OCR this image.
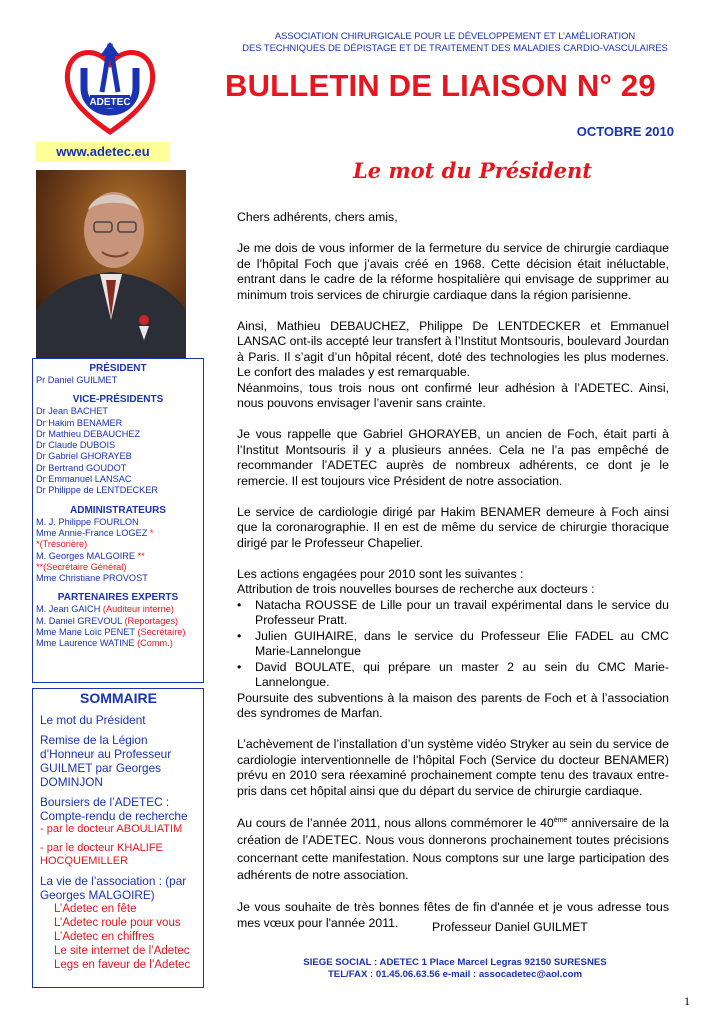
ADETEC
ASSOCIATION CHIRURGICALE POUR LE DÉVELOPPEMENT ET L’AMÉLIORATION
DES TECHNIQUES DE DÉPISTAGE ET DE TRAITEMENT DES MALADIES CARDIO-VASCULAIRES
BULLETIN DE LIAISON N° 29
OCTOBRE 2010
www.adetec.eu
PRÉSIDENT
Pr Daniel GUILMET
VICE-PRÉSIDENTS
Dr Jean BACHET
Dr Hakim BENAMER
Dr Mathieu DEBAUCHEZ
Dr Claude DUBOIS
Dr Gabriel GHORAYEB
Dr Bertrand GOUDOT
Dr Emmanuel LANSAC
Dr Philippe de LENTDECKER
ADMINISTRATEURS
M. J. Philippe FOURLON
Mme Annie-France LOGEZ *
*(Trésorière)
M. Georges MALGOIRE **
**(Secrétaire Général)
Mme Christiane PROVOST
PARTENAIRES EXPERTS
M. Jean GAICH (Auditeur interne)
M. Daniel GREVOUL (Reportages)
Mme Marie Loïc PENET (Secrétaire)
Mme Laurence WATINE (Comm.)
SOMMAIRE
Le mot du Président
Remise de la Légion d’Honneur au Professeur GUILMET par Georges DOMINJON
Boursiers de l’ADETEC : Compte-rendu de recherche
- par le docteur ABOULIATIM
- par le docteur KHALIFE HOCQUEMILLER
La vie de l’association : (par Georges MALGOIRE)
L’Adetec en fête
L’Adetec roule pour vous
L’Adetec en chiffres
Le site internet de l’Adetec
Legs en faveur de l’Adetec
Le mot du Président

Chers adhérents, chers amis,

Je me dois de vous informer de la fermeture du service de chirurgie cardiaque de l’hôpital Foch que j’avais créé en 1968. Cette décision était inéluctable, entrant dans le cadre de la réforme hospitalière qui envisage de supprimer au minimum trois services de chirurgie cardiaque dans la région parisienne.

Ainsi, Mathieu DEBAUCHEZ, Philippe De LENTDECKER et Emmanuel LANSAC ont-ils accepté leur transfert à l’Institut Montsouris, boulevard Jourdan à Paris. Il s’agit d’un hôpital récent, doté des technologies les plus modernes. Le confort des malades y est remarquable.

Néanmoins, tous trois nous ont confirmé leur adhésion à l’ADETEC. Ainsi, nous pouvons envisager l’avenir sans crainte.

Je vous rappelle que Gabriel GHORAYEB, un ancien de Foch, était parti à l’Institut Montsouris il y a plusieurs années. Cela ne l’a pas empêché de recommander l’ADETEC auprès de nombreux adhérents, ce dont je le remercie. Il est toujours vice Président de notre association.

Le service de cardiologie dirigé par Hakim BENAMER demeure à Foch ainsi que la coronarographie. Il en est de même du service de chirurgie thoracique dirigé par le Professeur Chapelier.

Les actions engagées pour 2010 sont les suivantes :
Attribution de trois nouvelles bourses de recherche aux docteurs :
• Natacha ROUSSE de Lille pour un travail expérimental dans le service du Professeur Pratt.
• Julien GUIHAIRE, dans le service du Professeur Elie FADEL au CMC Marie-Lannelongue
• David BOULATE, qui prépare un master 2 au sein du CMC Marie-Lannelongue.

Poursuite des subventions à la maison des parents de Foch et à l’association des syndromes de Marfan.

L’achèvement de l’installation d’un système vidéo Stryker au sein du service de cardiologie interventionnelle de l’hôpital Foch (Service du docteur BENAMER) prévu en 2010 sera réexaminé prochainement compte tenu des travaux entre-pris dans cet hôpital ainsi que du départ du service de chirurgie cardiaque.

Au cours de l’année 2011, nous allons commémorer le 40ème anniversaire de la création de l’ADETEC. Nous vous donnerons prochainement toutes précisions concernant cette manifestation. Nous comptons sur une large participation des adhérents de notre association.

Je vous souhaite de très bonnes fêtes de fin d'année et je vous adresse tous mes vœux pour l'année 2011.	Professeur Daniel GUILMET
SIEGE SOCIAL : ADETEC 1 Place Marcel Legras 92150 SURESNES
TEL/FAX : 01.45.06.63.56 e-mail : assocadetec@aol.com
1
